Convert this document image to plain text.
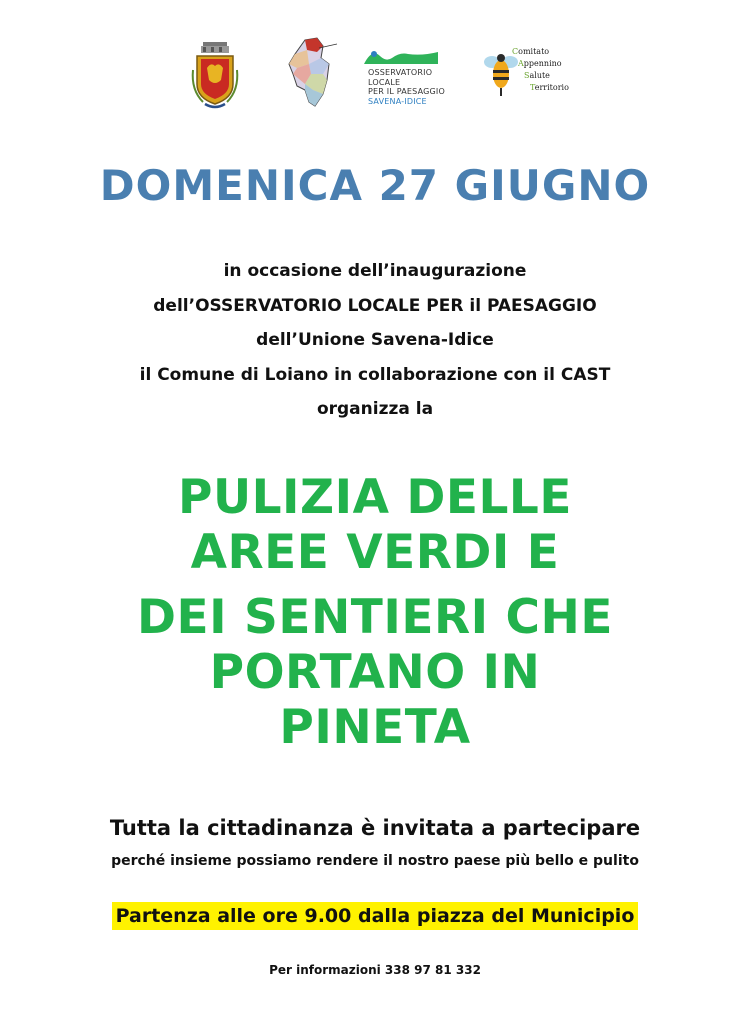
OSSERVATORIO
LOCALE
PER IL PAESAGGIO
SAVENA-IDICE
Comitato
Appennino
Salute
Territorio
DOMENICA 27 GIUGNO
in occasione dell’inaugurazione
dell’OSSERVATORIO LOCALE PER il PAESAGGIO
dell’Unione Savena-Idice
il Comune di Loiano in collaborazione con il CAST
organizza la
PULIZIA DELLE
AREE VERDI E
DEI SENTIERI CHE
PORTANO IN
PINETA
Tutta la cittadinanza è invitata a partecipare
perché insieme possiamo rendere il nostro paese più bello e pulito
Partenza alle ore 9.00 dalla piazza del Municipio
Per informazioni 338 97 81 332
